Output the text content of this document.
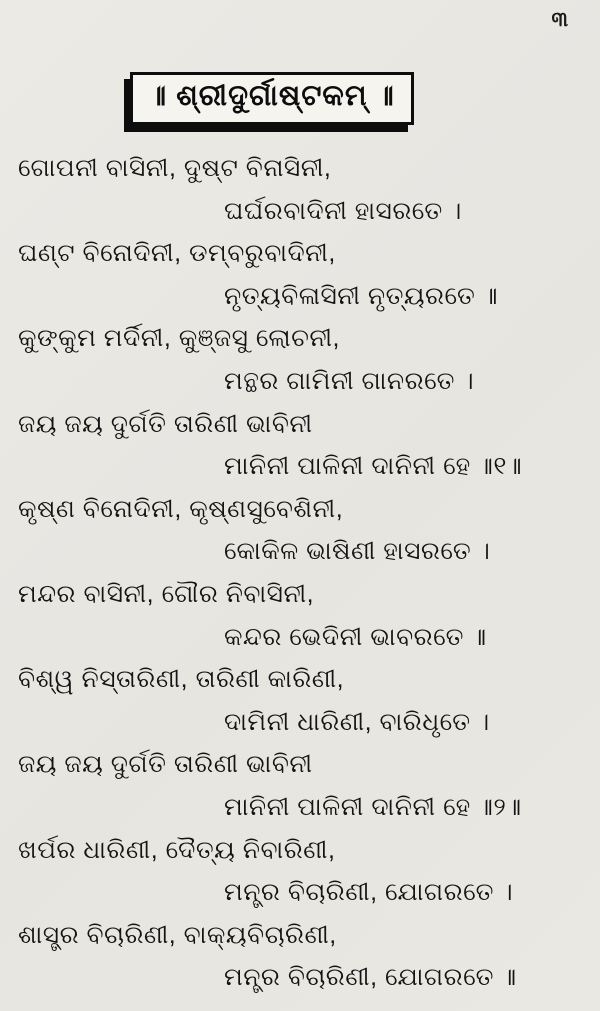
୩
॥ ଶ୍ରୀଦୁର୍ଗାଷ୍ଟକମ୍ ॥
ଗୋପନୀ ବାସିନୀ, ଦୁଷ୍ଟ ବିନାସିନୀ,
ଘର୍ଘରବାଦିନୀ ହାସରତେ ।
ଘଣ୍ଟ ବିନୋଦିନୀ, ଡମ୍ବରୁବାଦିନୀ,
ନୃତ୍ୟବିଳାସିନୀ ନୃତ୍ୟରତେ ॥
କୁଙ୍କୁମ ମର୍ଦିନୀ, କୁଞ୍ଜସୁ ଲୋଚନୀ,
ମନ୍ଥର ଗାମିନୀ ଗାନରତେ ।
ଜୟ ଜୟ ଦୁର୍ଗତି ତାରିଣୀ ଭାବିନୀ
ମାନିନୀ ପାଳିନୀ ଦାନିନୀ ହେ ॥୧॥
କୃଷ୍ଣ ବିନୋଦିନୀ, କୃଷ୍ଣସୁବେଶିନୀ,
କୋକିଳ ଭାଷିଣୀ ହାସରତେ ।
ମନ୍ଦର ବାସିନୀ, ଗୌର ନିବାସିନୀ,
କନ୍ଦର ଭେଦିନୀ ଭାବରତେ ॥
ବିଶ୍ୱ ନିସ୍ତାରିଣୀ, ତାରିଣୀ କାରିଣୀ,
ଦାମିନୀ ଧାରିଣୀ, ବାରିଧୃତେ ।
ଜୟ ଜୟ ଦୁର୍ଗତି ତାରିଣୀ ଭାବିନୀ
ମାନିନୀ ପାଳିନୀ ଦାନିନୀ ହେ ॥୨॥
ଖର୍ପର ଧାରିଣୀ, ଦୈତ୍ୟ ନିବାରିଣୀ,
ମନ୍ତ୍ର ବିଚାରିଣୀ, ଯୋଗରତେ ।
ଶାସ୍ତ୍ର ବିଚାରିଣୀ, ବାକ୍ୟବିଚାରିଣୀ,
ମନ୍ତ୍ର ବିଚାରିଣୀ, ଯୋଗରତେ ॥
